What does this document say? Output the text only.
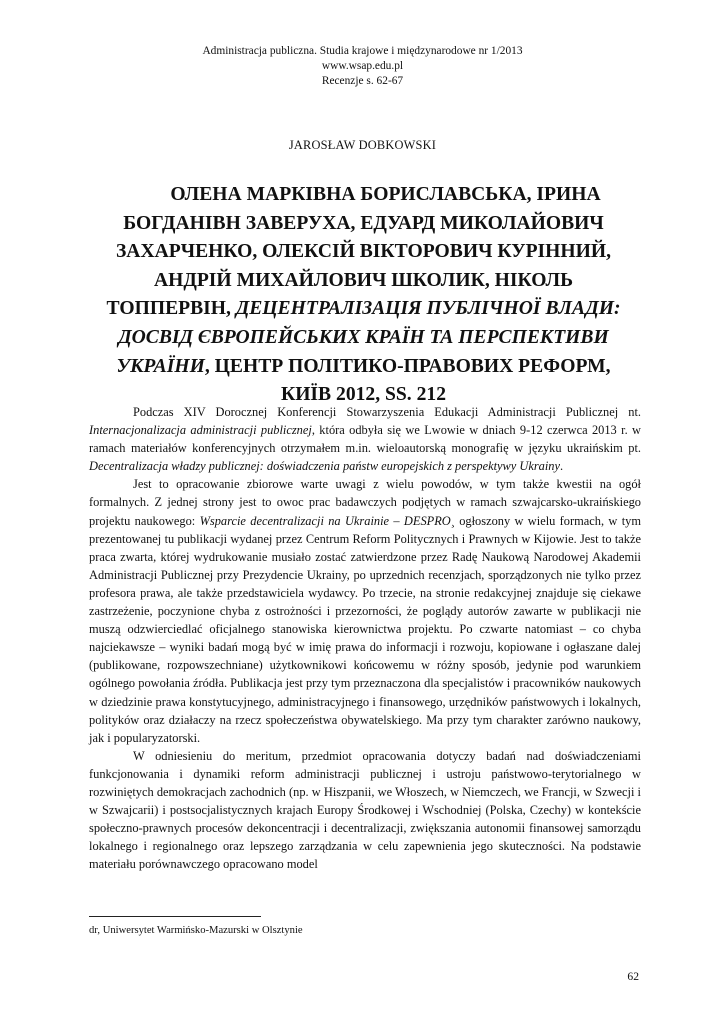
Administracja publiczna. Studia krajowe i międzynarodowe nr 1/2013
www.wsap.edu.pl
Recenzje s. 62-67
JAROSŁAW DOBKOWSKI
ОЛЕНА МАРКІВНА БОРИСЛАВСЬКА, ІРИНА БОГДАНІВН ЗАВЕРУХА, ЕДУАРД МИКОЛАЙОВИЧ ЗАХАРЧЕНКО, ОЛЕКСІЙ ВІКТОРОВИЧ КУРІННИЙ, АНДРІЙ МИХАЙЛОВИЧ ШКОЛИК, НІКОЛЬ ТОППЕРВІН, ДЕЦЕНТРАЛІЗАЦІЯ ПУБЛІЧНОЇ ВЛАДИ: ДОСВІД ЄВРОПЕЙСЬКИХ КРАЇН ТА ПЕРСПЕКТИВИ УКРАЇНИ, ЦЕНТР ПОЛІТИКО-ПРАВОВИХ РЕФОРМ, КИЇВ 2012, SS. 212

Podczas XIV Dorocznej Konferencji Stowarzyszenia Edukacji Administracji Publicznej nt. Internacjonalizacja administracji publicznej, która odbyła się we Lwowie w dniach 9-12 czerwca 2013 r. w ramach materiałów konferencyjnych otrzymałem m.in. wieloautorską monografię w języku ukraińskim pt. Decentralizacja władzy publicznej: doświadczenia państw europejskich z perspektywy Ukrainy.

Jest to opracowanie zbiorowe warte uwagi z wielu powodów, w tym także kwestii na ogół formalnych. Z jednej strony jest to owoc prac badawczych podjętych w ramach szwajcarsko-ukraińskiego projektu naukowego: Wsparcie decentralizacji na Ukrainie – DESPRO¸ ogłoszony w wielu formach, w tym prezentowanej tu publikacji wydanej przez Centrum Reform Politycznych i Prawnych w Kijowie. Jest to także praca zwarta, której wydrukowanie musiało zostać zatwierdzone przez Radę Naukową Narodowej Akademii Administracji Publicznej przy Prezydencie Ukrainy, po uprzednich recenzjach, sporządzonych nie tylko przez profesora prawa, ale także przedstawiciela wydawcy. Po trzecie, na stronie redakcyjnej znajduje się ciekawe zastrzeżenie, poczynione chyba z ostrożności i przezorności, że poglądy autorów zawarte w publikacji nie muszą odzwierciedlać oficjalnego stanowiska kierownictwa projektu. Po czwarte natomiast – co chyba najciekawsze – wyniki badań mogą być w imię prawa do informacji i rozwoju, kopiowane i ogłaszane dalej (publikowane, rozpowszechniane) użytkownikowi końcowemu w różny sposób, jedynie pod warunkiem ogólnego powołania źródła. Publikacja jest przy tym przeznaczona dla specjalistów i pracowników naukowych w dziedzinie prawa konstytucyjnego, administracyjnego i finansowego, urzędników państwowych i lokalnych, polityków oraz działaczy na rzecz społeczeństwa obywatelskiego. Ma przy tym charakter zarówno naukowy, jak i popularyzatorski.

W odniesieniu do meritum, przedmiot opracowania dotyczy badań nad doświadczeniami funkcjonowania i dynamiki reform administracji publicznej i ustroju państwowo-terytorialnego w rozwiniętych demokracjach zachodnich (np. w Hiszpanii, we Włoszech, w Niemczech, we Francji, w Szwecji i w Szwajcarii) i postsocjalistycznych krajach Europy Środkowej i Wschodniej (Polska, Czechy) w kontekście społeczno-prawnych procesów dekoncentracji i decentralizacji, zwiększania autonomii finansowej samorządu lokalnego i regionalnego oraz lepszego zarządzania w celu zapewnienia jego skuteczności. Na podstawie materiału porównawczego opracowano model

dr, Uniwersytet Warmińsko-Mazurski w Olsztynie
62
